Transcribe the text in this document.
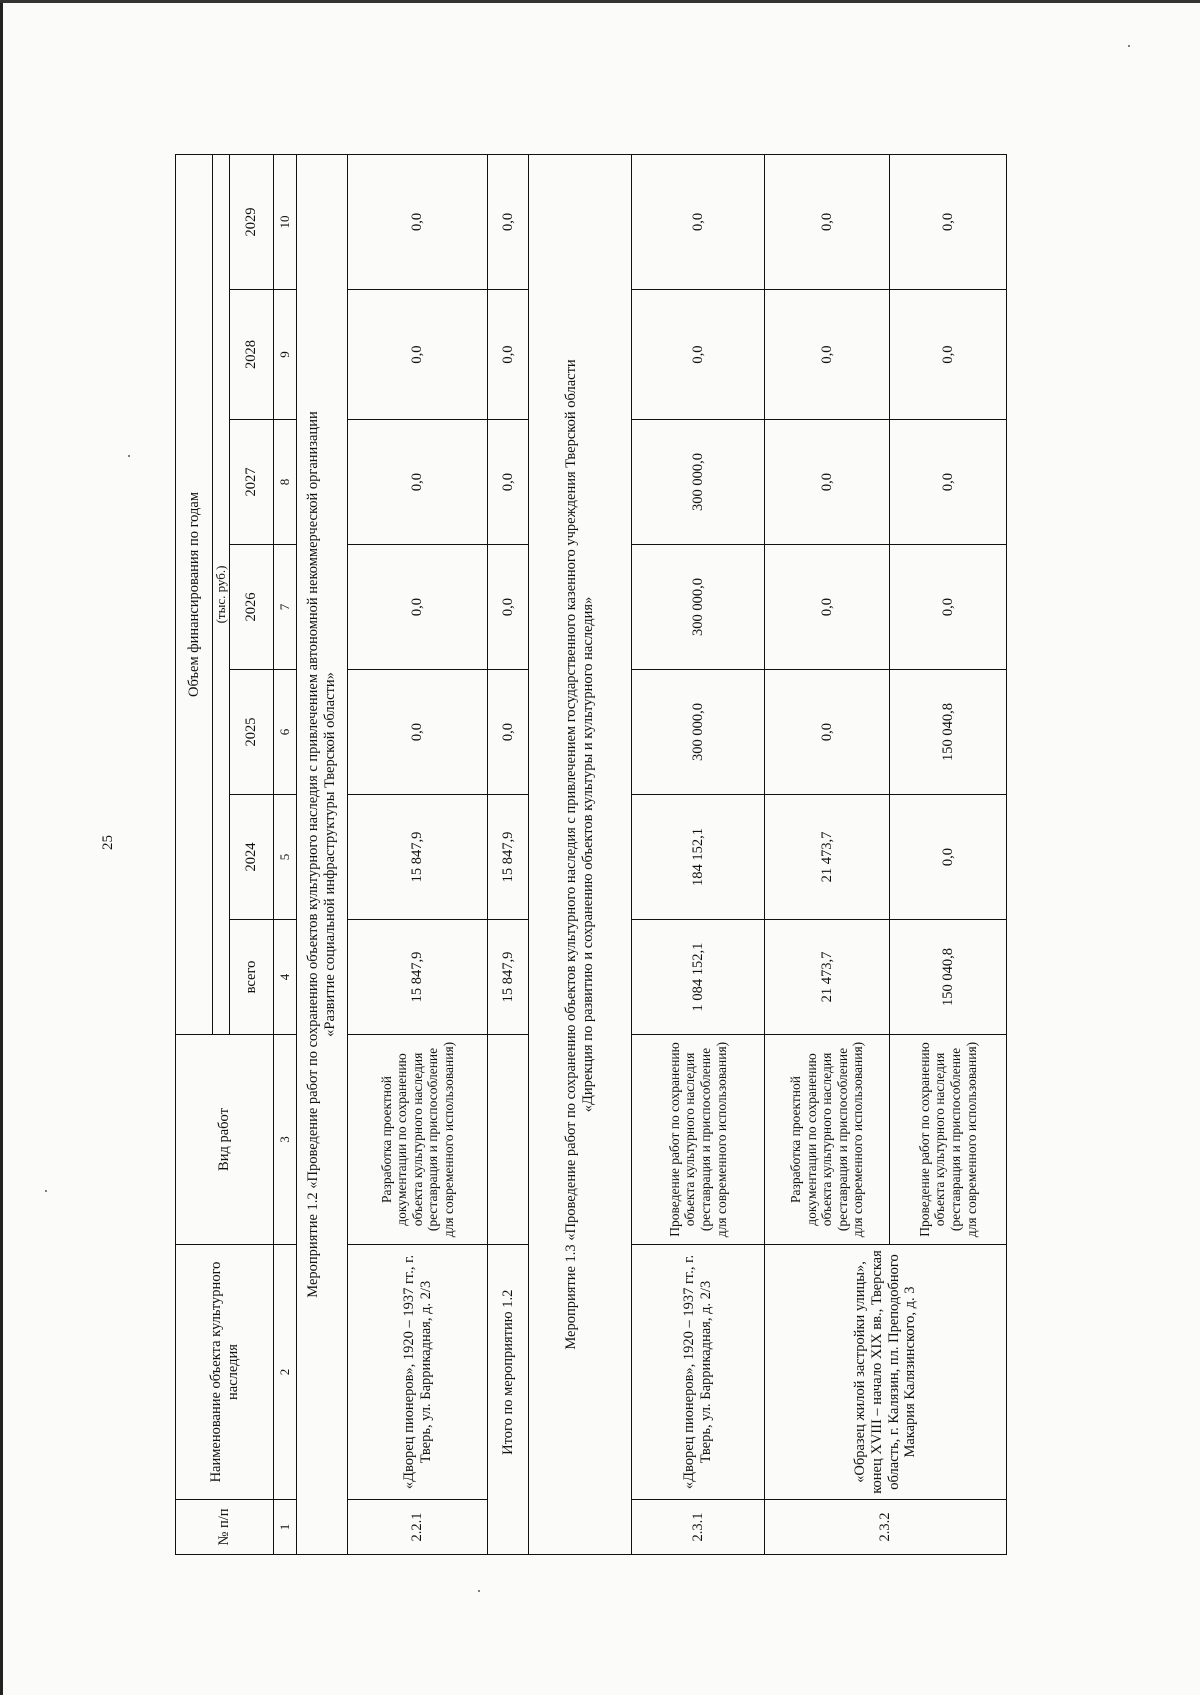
25
№ п/п	Наименование объекта культурного наследия	Вид работ	Объем финансирования по годам						
			(тыс. руб.)						
			всего	2024	2025	2026	2027	2028	2029
1	2	3	4	5	6	7	8	9	10

Мероприятие 1.2 «Проведение работ по сохранению объектов культурного наследия с привлечением автономной некоммерческой организации «Развитие социальной инфраструктуры Тверской области»									

2.2.1	«Дворец пионеров», 1920 – 1937 гг., г. Тверь, ул. Баррикадная, д. 2/3	Разработка проектной документации по сохранению объекта культурного наследия (реставрация и приспособление для современного использования)	15 847,9	15 847,9	0,0	0,0	0,0	0,0	0,0
	Итого по мероприятию 1.2		15 847,9	15 847,9	0,0	0,0	0,0	0,0	0,0

Мероприятие 1.3 «Проведение работ по сохранению объектов культурного наследия с привлечением государственного казенного учреждения Тверской области «Дирекция по развитию и сохранению объектов культуры и культурного наследия»									

2.3.1	«Дворец пионеров», 1920 – 1937 гг., г. Тверь, ул. Баррикадная, д. 2/3	Проведение работ по сохранению объекта культурного наследия (реставрация и приспособление для современного использования)	1 084 152,1	184 152,1	300 000,0	300 000,0	300 000,0	0,0	0,0
2.3.2	«Образец жилой застройки улицы», конец XVIII – начало XIX вв., Тверская область, г. Калязин, пл. Преподобного Макария Калязинского, д. 3	Разработка проектной документации по сохранению объекта культурного наследия (реставрация и приспособление для современного использования)	21 473,7	21 473,7	0,0	0,0	0,0	0,0	0,0
		Проведение работ по сохранению объекта культурного наследия (реставрация и приспособление для современного использования)	150 040,8	0,0	150 040,8	0,0	0,0	0,0	0,0
